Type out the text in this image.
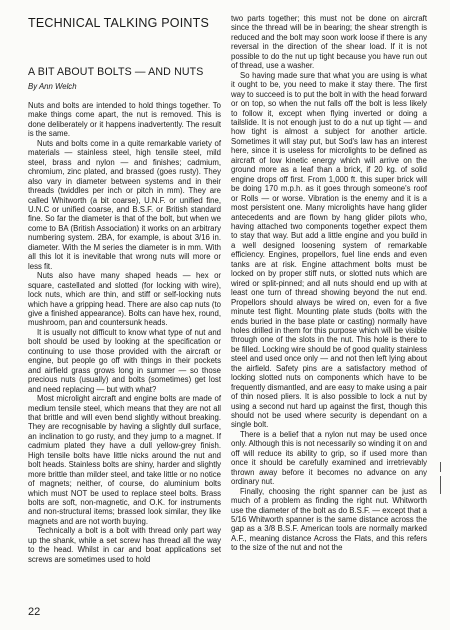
TECHNICAL TALKING POINTS
A BIT ABOUT BOLTS — AND NUTS

By Ann Welch

Nuts and bolts are intended to hold things together. To make things come apart, the nut is removed. This is done deliberately or it happens inadvertently. The result is the same.

Nuts and bolts come in a quite remarkable variety of materials — stainless steel, high tensile steel, mild steel, brass and nylon — and finishes; cadmium, chromium, zinc plated, and brassed (goes rusty). They also vary in diameter between systems and in their threads (twiddles per inch or pitch in mm). They are called Whitworth (a bit coarse), U.N.F. or unified fine, U.N.C or unified coarse, and B.S.F. or British standard fine. So far the diameter is that of the bolt, but when we come to BA (British Association) it works on an arbitrary numbering system. 2BA, for example, is about 3/16 in. diameter. With the M series the diameter is in mm. With all this lot it is inevitable that wrong nuts will more or less fit.

Nuts also have many shaped heads — hex or square, castellated and slotted (for locking with wire), lock nuts, which are thin, and stiff or self-locking nuts which have a gripping head. There are also cap nuts (to give a finished appearance). Bolts can have hex, round, mushroom, pan and countersunk heads.

It is usually not difficult to know what type of nut and bolt should be used by looking at the specification or continuing to use those provided with the aircraft or engine, but people go off with things in their pockets and airfield grass grows long in summer — so those precious nuts (usually) and bolts (sometimes) get lost and need replacing — but with what?

Most microlight aircraft and engine bolts are made of medium tensile steel, which means that they are not all that brittle and will even bend slightly without breaking. They are recognisable by having a slightly dull surface, an inclination to go rusty, and they jump to a magnet. If cadmium plated they have a dull yellow-grey finish. High tensile bolts have little nicks around the nut and bolt heads. Stainless bolts are shiny, harder and slightly more brittle than milder steel, and take little or no notice of magnets; neither, of course, do aluminium bolts which must NOT be used to replace steel bolts. Brass bolts are soft, non-magnetic, and O.K. for instruments and non-structural items; brassed look similar, they like magnets and are not worth buying.

Technically a bolt is a bolt with thread only part way up the shank, while a set screw has thread all the way to the head. Whilst in car and boat applications set screws are sometimes used to hold

two parts together; this must not be done on aircraft since the thread will be in bearing; the shear strength is reduced and the bolt may soon work loose if there is any reversal in the direction of the shear load. If it is not possible to do the nut up tight because you have run out of thread, use a washer.

So having made sure that what you are using is what it ought to be, you need to make it stay there. The first way to succeed is to put the bolt in with the head forward or on top, so when the nut falls off the bolt is less likely to follow it, except when flying inverted or doing a tailslide. It is not enough just to do a nut up tight — and how tight is almost a subject for another article. Sometimes it will stay put, but Sod's law has an interest here, since it is useless for microlights to be defined as aircraft of low kinetic energy which will arrive on the ground more as a leaf than a brick, if 20 kg. of solid engine drops off first. From 1,000 ft. this super brick will be doing 170 m.p.h. as it goes through someone's roof or Rolls — or worse. Vibration is the enemy and it is a most persistent one. Many microlights have hang glider antecedents and are flown by hang glider pilots who, having attached two components together expect them to stay that way. But add a little engine and you build in a well designed loosening system of remarkable efficiency. Engines, propellors, fuel line ends and even tanks are at risk. Engine attachment bolts must be locked on by proper stiff nuts, or slotted nuts which are wired or split-pinned; and all nuts should end up with at least one turn of thread showing beyond the nut end. Propellors should always be wired on, even for a five minute test flight. Mounting plate studs (bolts with the ends buried in the base plate or casting) normally have holes drilled in them for this purpose which will be visible through one of the slots in the nut. This hole is there to be filled. Locking wire should be of good quality stainless steel and used once only — and not then left lying about the airfield. Safety pins are a satisfactory method of locking slotted nuts on components which have to be frequently dismantled, and are easy to make using a pair of thin nosed pliers. It is also possible to lock a nut by using a second nut hard up against the first, though this should not be used where security is dependant on a single bolt.

There is a belief that a nylon nut may be used once only. Although this is not necessarily so winding it on and off will reduce its ability to grip, so if used more than once it should be carefully examined and irretrievably thrown away before it becomes no advance on any ordinary nut.

Finally, choosing the right spanner can be just as much of a problem as finding the right nut. Whitworth use the diameter of the bolt as do B.S.F. — except that a 5/16 Whitworth spanner is the same distance across the gap as a 3/8 B.S.F. American tools are normally marked A.F., meaning distance Across the Flats, and this refers to the size of the nut and not the

22
